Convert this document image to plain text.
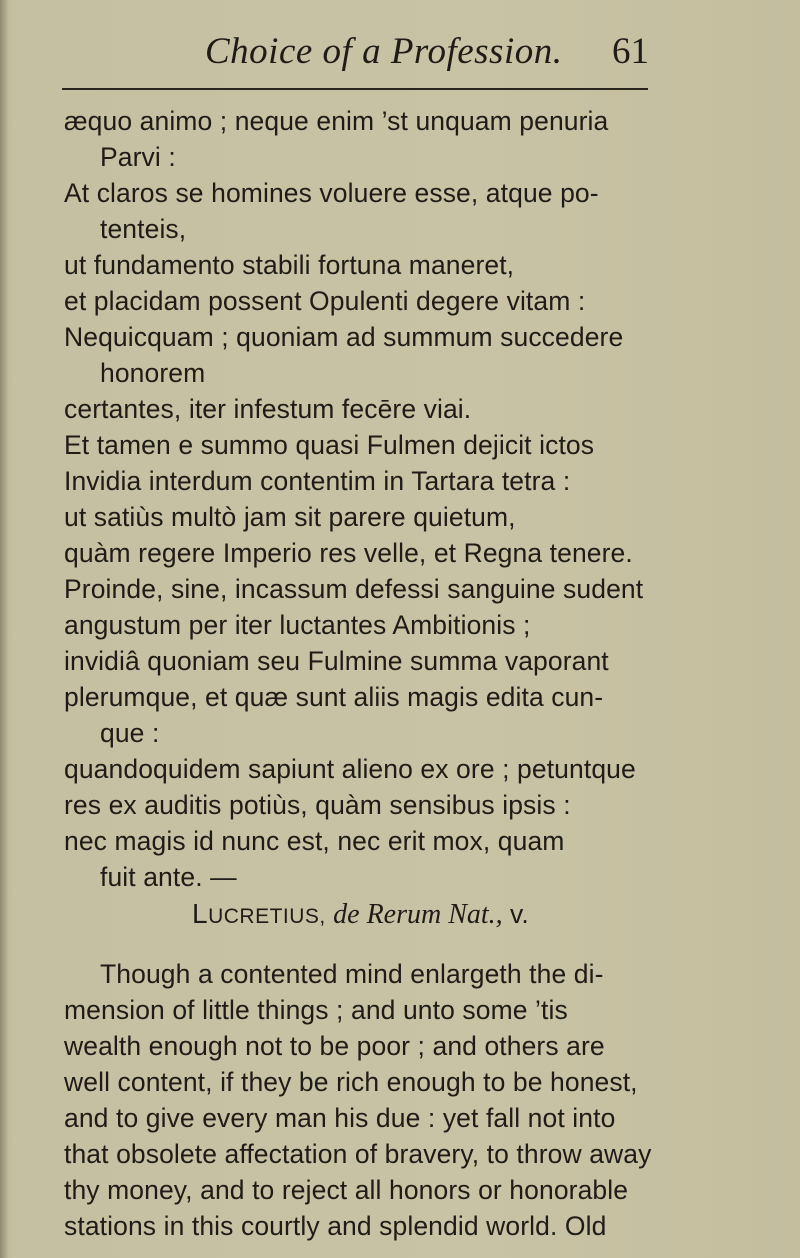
Choice of a Profession. 61
æquo animo ; neque enim ’st unquam penuria
Parvi :
At claros se homines voluere esse, atque po-
tenteis,
ut fundamento stabili fortuna maneret,
et placidam possent Opulenti degere vitam :
Nequicquam ; quoniam ad summum succedere
honorem
certantes, iter infestum fecēre viai.
Et tamen e summo quasi Fulmen dejicit ictos
Invidia interdum contentim in Tartara tetra :
ut satiùs multò jam sit parere quietum,
quàm regere Imperio res velle, et Regna tenere.
Proinde, sine, incassum defessi sanguine sudent
angustum per iter luctantes Ambitionis ;
invidiâ quoniam seu Fulmine summa vaporant
plerumque, et quæ sunt aliis magis edita cun-
que :
quandoquidem sapiunt alieno ex ore ; petuntque
res ex auditis potiùs, quàm sensibus ipsis :
nec magis id nunc est, nec erit mox, quam
fuit ante. —
LUCRETIUS, de Rerum Nat., v.
Though a contented mind enlargeth the di-
mension of little things ; and unto some ’tis
wealth enough not to be poor ; and others are
well content, if they be rich enough to be honest,
and to give every man his due : yet fall not into
that obsolete affectation of bravery, to throw away
thy money, and to reject all honors or honorable
stations in this courtly and splendid world. Old
